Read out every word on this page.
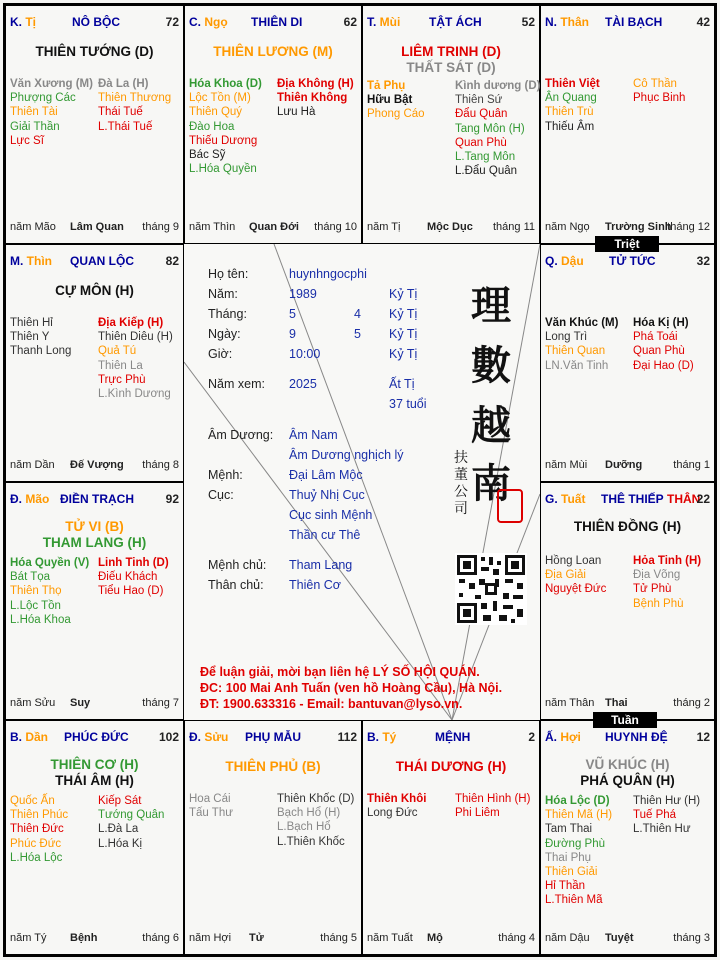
K. Tị	NÔ BỘC	72
THIÊN TƯỚNG (D)
Văn Xương (M)
Phượng Các
Thiên Tài
Giải Thần
Lực Sĩ
Đà La (H)
Thiên Thương
Thái Tuế
L.Thái Tuế
năm Mão Lâm Quan tháng 9
C. Ngọ THIÊN DI	62
THIÊN LƯƠNG (M)
Hóa Khoa (D)
Lộc Tồn (M)
Thiên Quý
Đào Hoa
Thiếu Dương
Bác Sỹ
L.Hóa Quyền
Địa Không (H)
Thiên Không
Lưu Hà
năm Thìn Quan Đới tháng 10
T. Mùi TẬT ÁCH	52
LIÊM TRINH (D)
THẤT SÁT (D)
Tả Phụ
Hữu Bật
Phong Cáo
Kình dương (D)
Thiên Sứ
Đẩu Quân
Tang Môn (H)
Quan Phù
L.Tang Môn
L.Đẩu Quân
năm Tị Mộc Dục tháng 11
N. Thân TÀI BẠCH	42
Thiên Việt
Ân Quang
Thiên Trù
Thiếu Âm
Cô Thần
Phục Binh
năm Ngọ Trường Sinh
tháng 12
M. Thìn QUAN LỘC	82
CỰ MÔN (H)
Thiên Hỉ
Thiên Y
Thanh Long
Địa Kiếp (H)
Thiên Diêu (H)
Quả Tú
Thiên La
Trực Phù
L.Kình Dương
năm Dần Đế Vượng tháng 8
Q. Dậu TỬ TỨC	32
Văn Khúc (M)
Long Trì
Thiên Quan
LN.Văn Tinh
Hóa Kị (H)
Phá Toái
Quan Phù
Đại Hao (D)
năm Mùi Dưỡng	tháng 1
Đ. Mão ĐIỀN TRẠCH	92
TỬ VI (B)
THAM LANG (H)
Hóa Quyền (V)
Bát Tọa
Thiên Thọ
L.Lộc Tồn
L.Hóa Khoa
Linh Tinh (D)
Điếu Khách
Tiểu Hao (D)
năm Sửu Suy	tháng 7
G. Tuất THÊ THIẾP THÂN
22
THIÊN ĐỒNG (H)
Hồng Loan
Địa Giải
Nguyệt Đức
Hỏa Tinh (H)
Địa Võng
Tử Phù
Bệnh Phù
năm Thân Thai	tháng 2
B. Dần PHÚC ĐỨC	102
THIÊN CƠ (H)
THÁI ÂM (H)
Quốc Ấn
Thiên Phúc
Thiên Đức
Phúc Đức
L.Hóa Lộc
Kiếp Sát
Tướng Quân
L.Đà La
L.Hóa Kị
năm Tý Bệnh	tháng 6
Đ. Sửu PHỤ MẪU	112
THIÊN PHỦ (B)
Hoa Cái
Tấu Thư
Thiên Khốc (D)
Bạch Hổ (H)
L.Bạch Hổ
L.Thiên Khốc
năm Hợi Tử	tháng 5
B. Tý	MỆNH	2
THÁI DƯƠNG (H)
Thiên Khôi
Long Đức
Thiên Hình (H)
Phi Liêm
năm Tuất Mộ	tháng 4
Ấ. Hợi HUYNH ĐỆ 12
VŨ KHÚC (H)
PHÁ QUÂN (H)
Hóa Lộc (D)
Thiên Mã (H)
Tam Thai
Đường Phù
Thai Phụ
Thiên Giải
Hỉ Thần
L.Thiên Mã
Thiên Hư (H)
Tuế Phá
L.Thiên Hư
năm Dậu Tuyệt	tháng 3
Họ tên:	huynhngocphi
Năm:	1989	Kỷ Tị
Tháng:	5	4 Kỷ Tị
Ngày:	9	5 Kỷ Tị
Giờ:	10:00	Kỷ Tị
Năm xem: 2025	Ất Tị
37 tuổi
Âm Dương: Âm Nam
Âm Dương nghịch lý
Mệnh:	Đại Lâm Mộc
Cục:	Thuỷ Nhị Cục
Cục sinh Mệnh
Thần cư Thê
Mệnh chủ: Tham Lang
Thân chủ: Thiên Cơ
理
數
越
南
扶
董
公
司
Để luận giải, mời bạn liên hệ LÝ SỐ HỘI QUÁN.
ĐC: 100 Mai Anh Tuấn (ven hồ Hoàng Cầu), Hà Nội.
ĐT: 1900.633316 - Email: bantuvan@lyso.vn.
Triệt
Tuần
